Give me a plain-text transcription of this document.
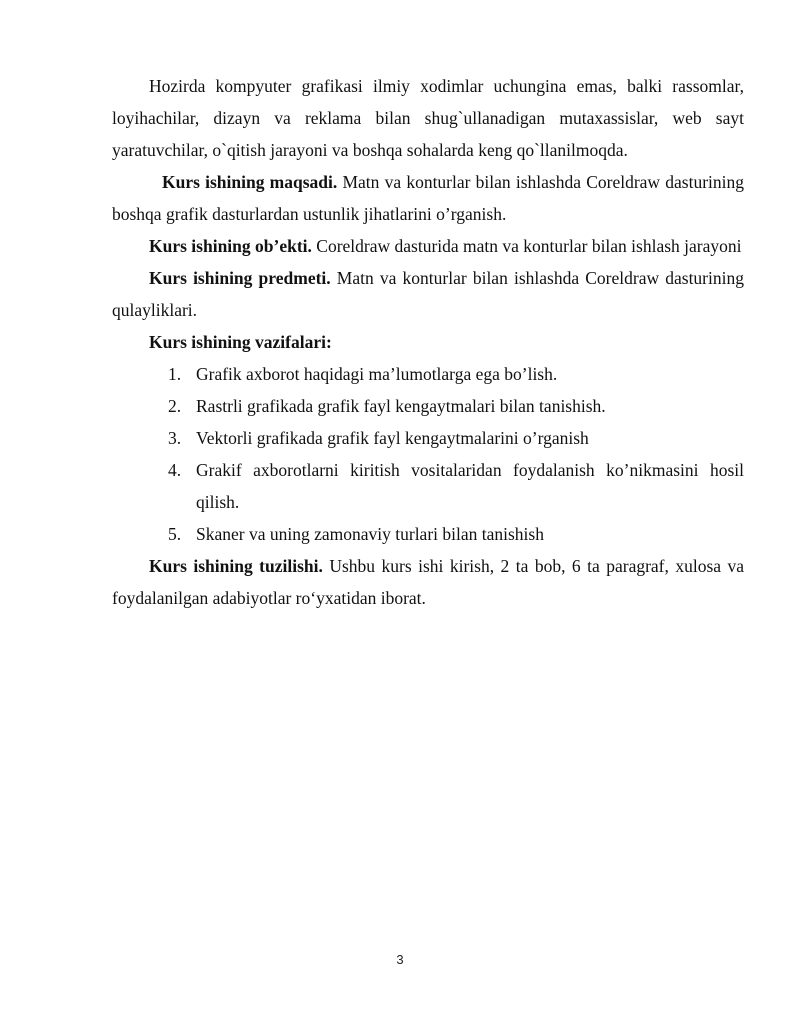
Hozirda kompyuter grafikasi ilmiy xodimlar uchungina emas, balki rassomlar, loyihachilar, dizayn va reklama bilan shug`ullanadigan mutaxassislar, web sayt yaratuvchilar, o`qitish jarayoni va boshqa sohalarda keng qo`llanilmoqda.

Kurs ishining maqsadi. Matn va konturlar bilan ishlashda Coreldraw dasturining boshqa grafik dasturlardan ustunlik jihatlarini o’rganish.

Kurs ishining ob’ekti. Coreldraw dasturida matn va konturlar bilan ishlash jarayoni

Kurs ishining predmeti. Matn va konturlar bilan ishlashda Coreldraw dasturining qulayliklari.

Kurs ishining vazifalari:

1. Grafik axborot haqidagi ma’lumotlarga ega bo’lish.
2. Rastrli grafikada grafik fayl kengaytmalari bilan tanishish.
3. Vektorli grafikada grafik fayl kengaytmalarini o’rganish
4. Grakif axborotlarni kiritish vositalaridan foydalanish ko’nikmasini hosil qilish.
5. Skaner va uning zamonaviy turlari bilan tanishish

Kurs ishining tuzilishi. Ushbu kurs ishi kirish, 2 ta bob, 6 ta paragraf, xulosa va foydalanilgan adabiyotlar ro‘yxatidan iborat.

3
